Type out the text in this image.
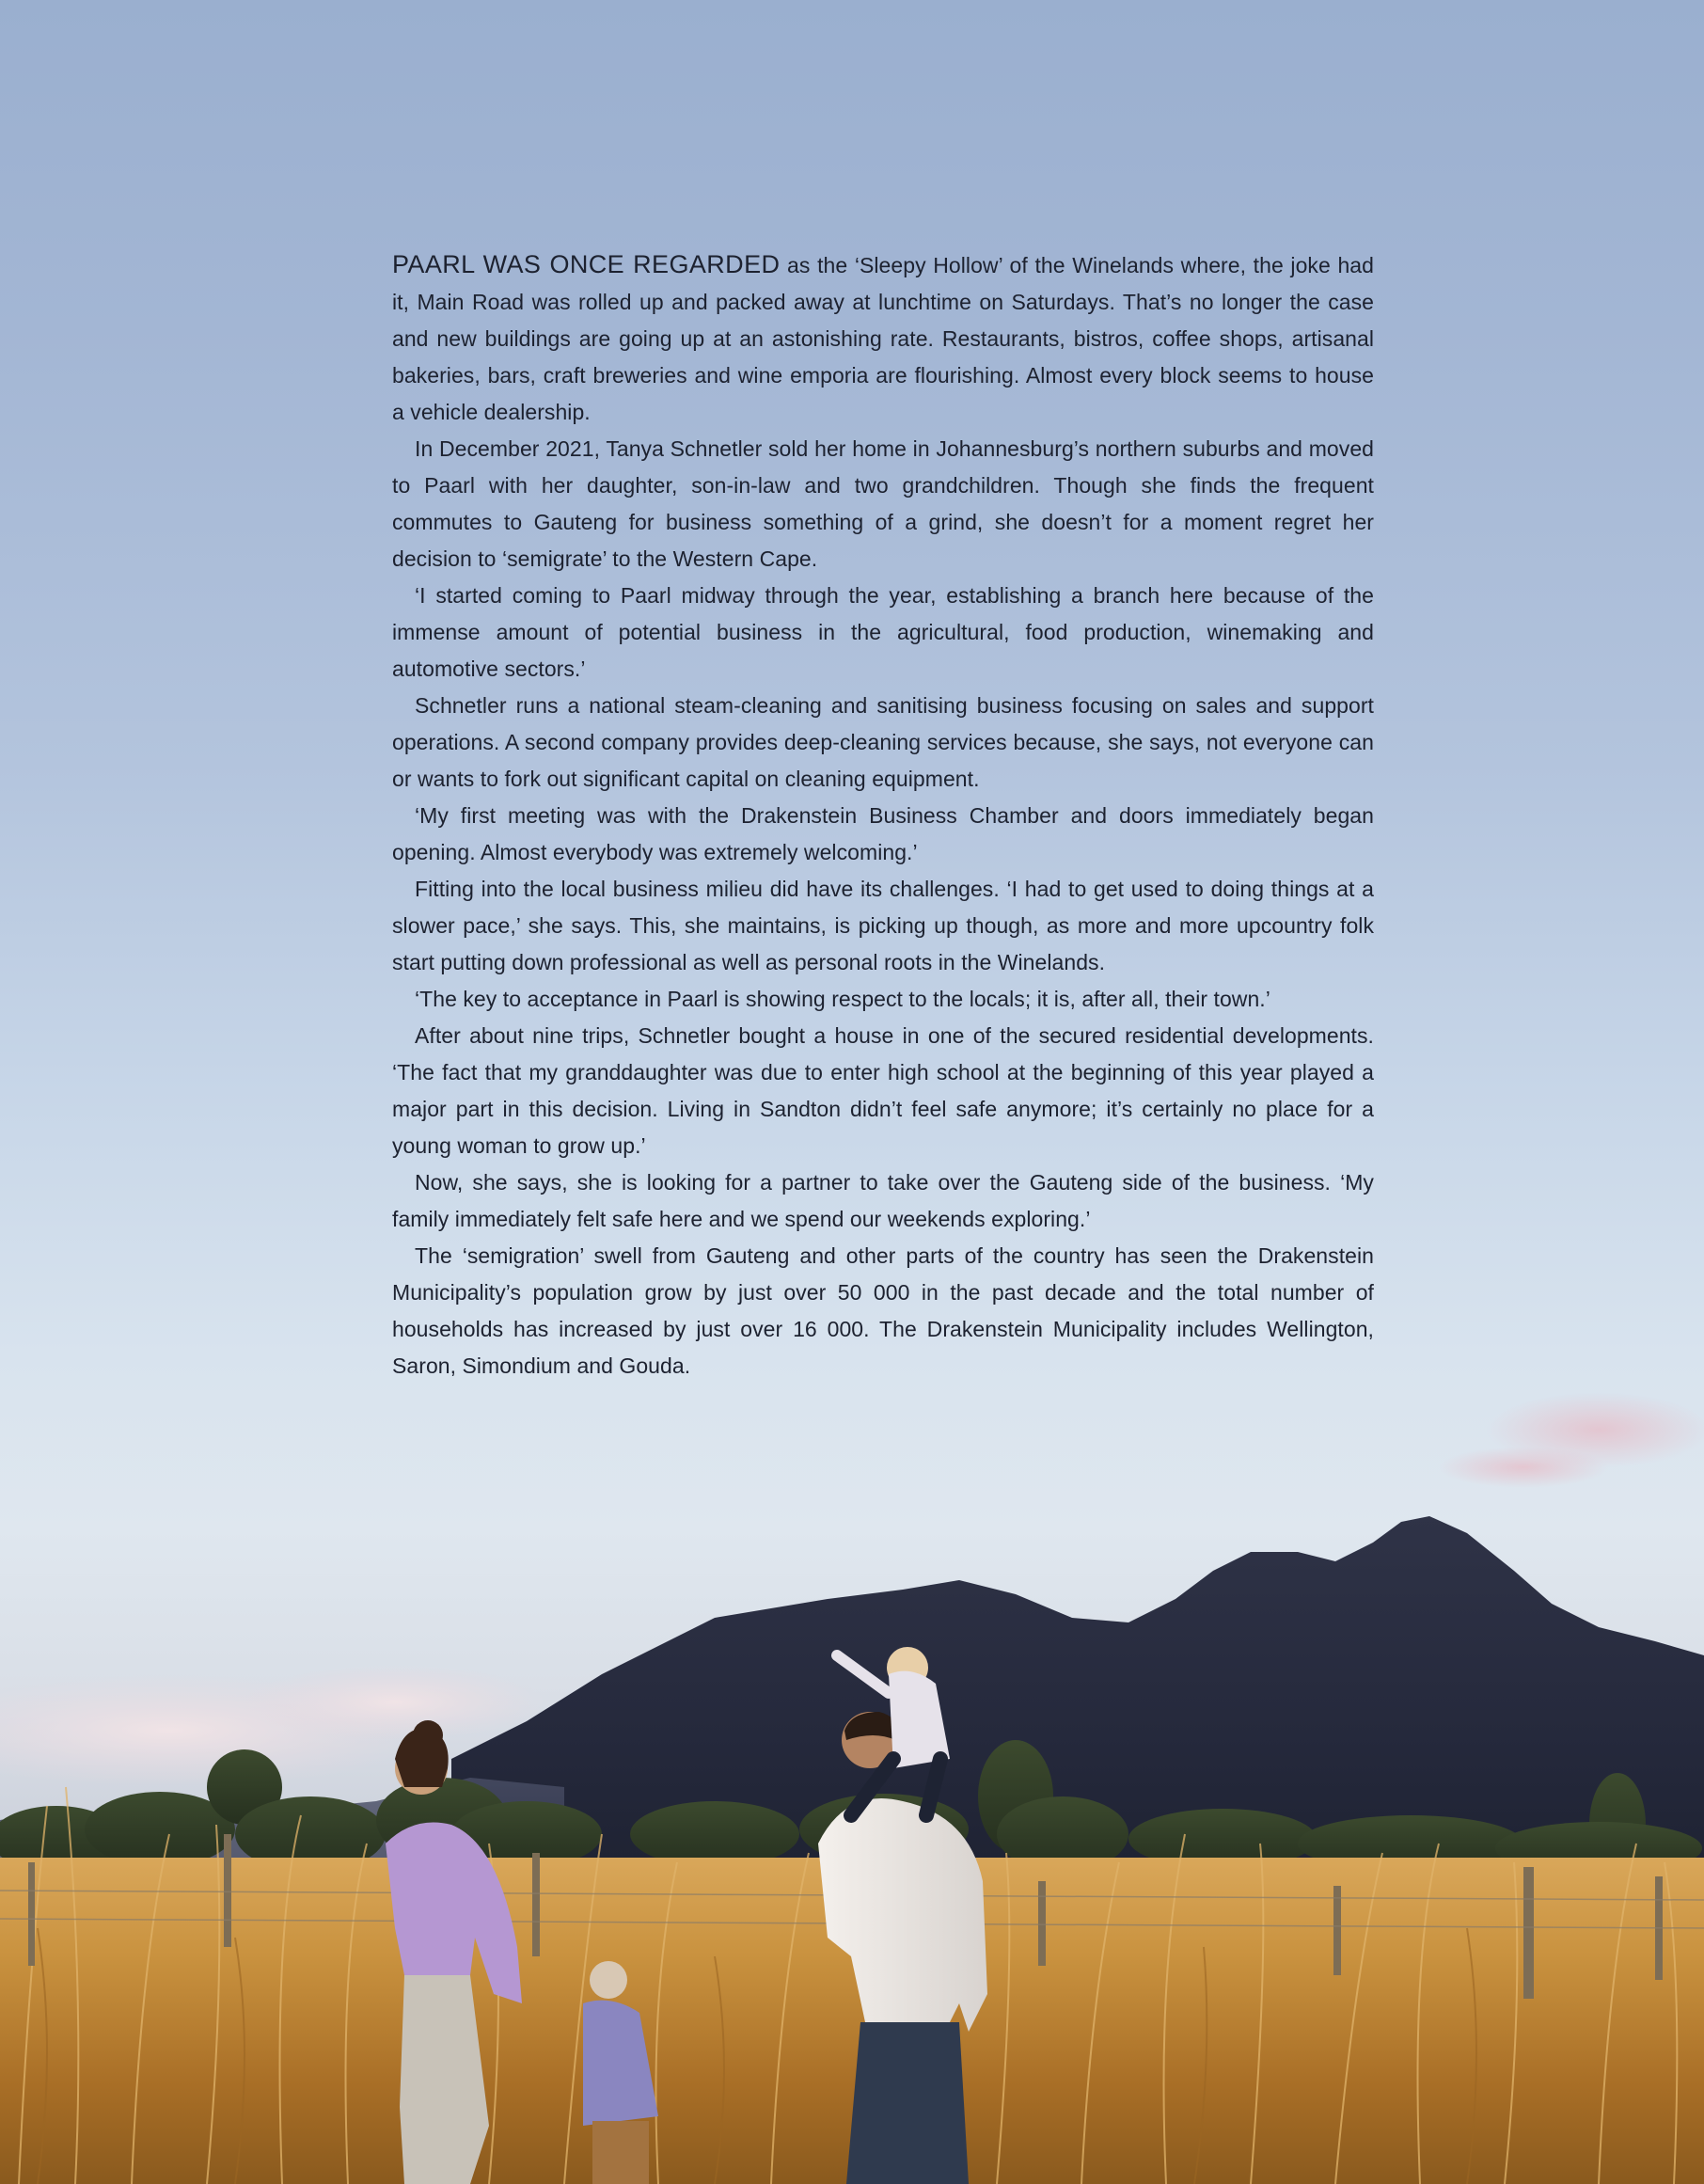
PAARL WAS ONCE REGARDED as the ‘Sleepy Hollow’ of the Winelands where, the joke had it, Main Road was rolled up and packed away at lunchtime on Saturdays. That’s no longer the case and new buildings are going up at an astonishing rate. Restaurants, bistros, coffee shops, artisanal bakeries, bars, craft breweries and wine emporia are flourishing. Almost every block seems to house a vehicle dealership.

In December 2021, Tanya Schnetler sold her home in Johannesburg’s northern suburbs and moved to Paarl with her daughter, son-in-law and two grandchildren. Though she finds the frequent commutes to Gauteng for business something of a grind, she doesn’t for a moment regret her decision to ‘semigrate’ to the Western Cape.

‘I started coming to Paarl midway through the year, establishing a branch here because of the immense amount of potential business in the agricultural, food production, winemaking and automotive sectors.’

Schnetler runs a national steam-cleaning and sanitising business focusing on sales and support operations. A second company provides deep-cleaning services because, she says, not everyone can or wants to fork out significant capital on cleaning equipment.

‘My first meeting was with the Drakenstein Business Chamber and doors immediately began opening. Almost everybody was extremely welcoming.’

Fitting into the local business milieu did have its challenges. ‘I had to get used to doing things at a slower pace,’ she says. This, she maintains, is picking up though, as more and more upcountry folk start putting down professional as well as personal roots in the Winelands.

‘The key to acceptance in Paarl is showing respect to the locals; it is, after all, their town.’

After about nine trips, Schnetler bought a house in one of the secured residential developments. ‘The fact that my granddaughter was due to enter high school at the beginning of this year played a major part in this decision. Living in Sandton didn’t feel safe anymore; it’s certainly no place for a young woman to grow up.’

Now, she says, she is looking for a partner to take over the Gauteng side of the business. ‘My family immediately felt safe here and we spend our weekends exploring.’

The ‘semigration’ swell from Gauteng and other parts of the country has seen the Drakenstein Municipality’s population grow by just over 50 000 in the past decade and the total number of households has increased by just over 16 000. The Drakenstein Municipality includes Wellington, Saron, Simondium and Gouda.
